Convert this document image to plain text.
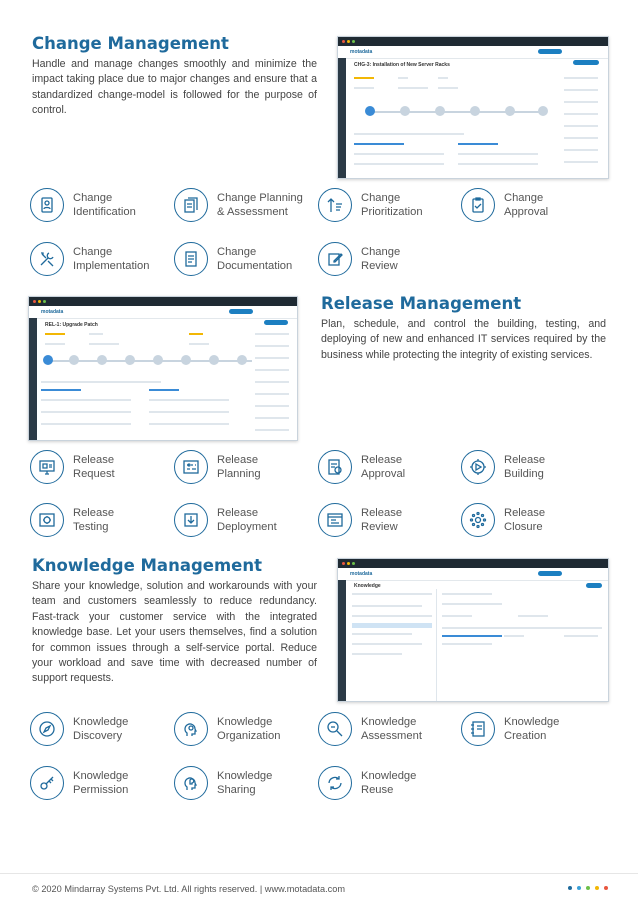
Change Management
Handle and manage changes smoothly and minimize the impact taking place due to major changes and ensure that a standardized change-model is followed for the purpose of control.
motadata
CHG-3: Installation of New Server Racks
Change
Identification
Change Planning
& Assessment
Change
Prioritization
Change
Approval
Change
Implementation
Change
Documentation
Change
Review
motadata
REL-1: Upgrade Patch
Release Management
Plan, schedule, and control the building, testing, and deploying of new and enhanced IT services required by the business while protecting the integrity of existing services.
Release
Request
Release
Planning
Release
Approval
Release
Building
Release
Testing
Release
Deployment
Release
Review
Release
Closure
Knowledge Management
Share your knowledge, solution and workarounds with your team and customers seamlessly to reduce redundancy. Fast-track your customer service with the integrated knowledge base. Let your users themselves, find a solution for common issues through a self-service portal. Reduce your workload and save time with decreased number of support requests.
motadata
Knowledge
Knowledge
Discovery
Knowledge
Organization
Knowledge
Assessment
Knowledge
Creation
Knowledge
Permission
Knowledge
Sharing
Knowledge
Reuse
© 2020 Mindarray Systems Pvt. Ltd. All rights reserved. | www.motadata.com
